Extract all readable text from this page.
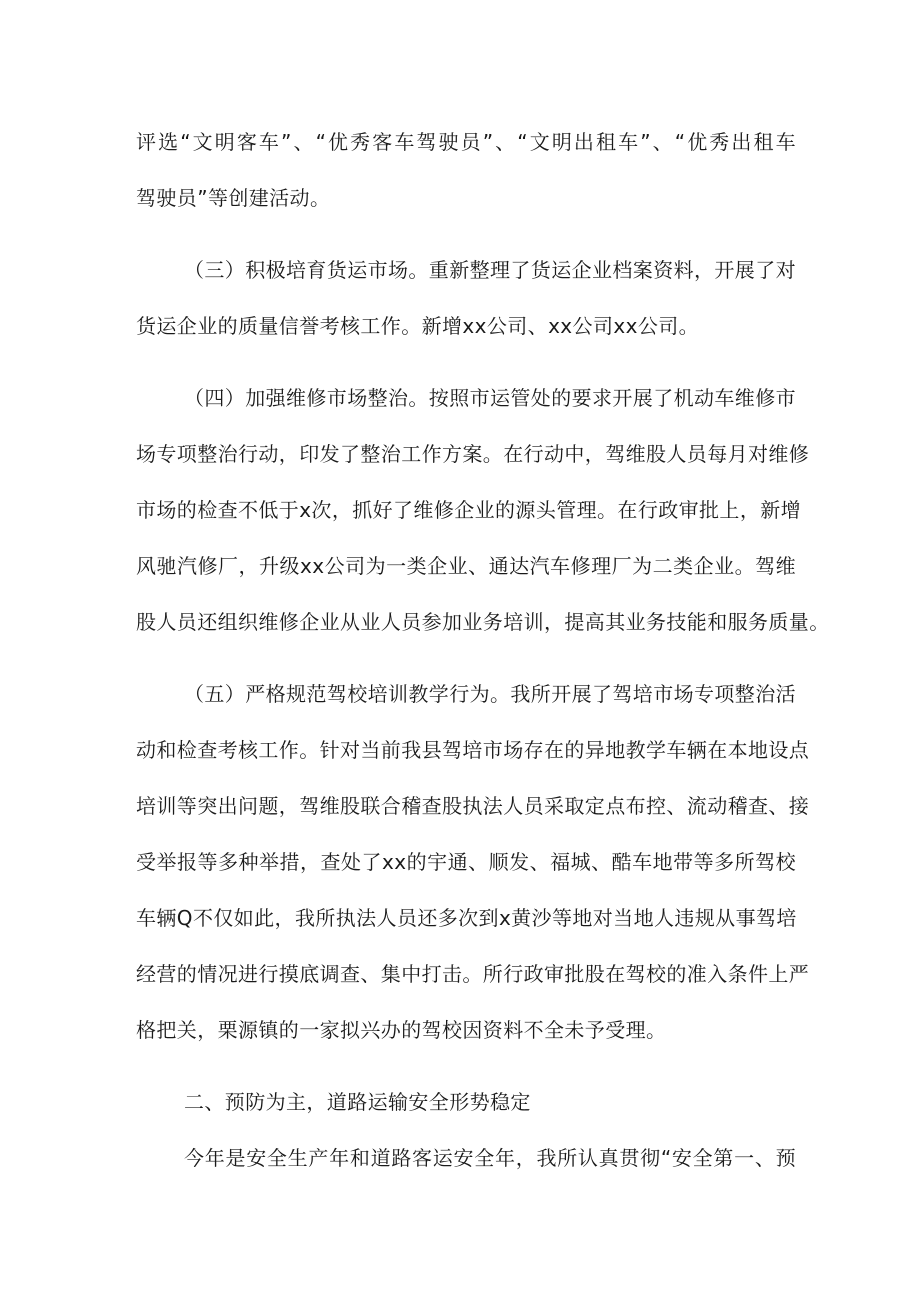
评选“文明客车”、“优秀客车驾驶员”、“文明出租车”、“优秀出租车
驾驶员”等创建活动。
（三）积极培育货运市场。重新整理了货运企业档案资料，开展了对
货运企业的质量信誉考核工作。新增xx公司、xx公司xx公司。
（四）加强维修市场整治。按照市运管处的要求开展了机动车维修市
场专项整治行动，印发了整治工作方案。在行动中，驾维股人员每月对维修
市场的检查不低于x次，抓好了维修企业的源头管理。在行政审批上，新增
风驰汽修厂，升级xx公司为一类企业、通达汽车修理厂为二类企业。驾维
股人员还组织维修企业从业人员参加业务培训，提高其业务技能和服务质量。
（五）严格规范驾校培训教学行为。我所开展了驾培市场专项整治活
动和检查考核工作。针对当前我县驾培市场存在的异地教学车辆在本地设点
培训等突出问题，驾维股联合稽查股执法人员采取定点布控、流动稽查、接
受举报等多种举措，查处了xx的宇通、顺发、福城、酷车地带等多所驾校
车辆Q不仅如此，我所执法人员还多次到x黄沙等地对当地人违规从事驾培
经营的情况进行摸底调查、集中打击。所行政审批股在驾校的准入条件上严
格把关，栗源镇的一家拟兴办的驾校因资料不全未予受理。
二、预防为主，道路运输安全形势稳定
今年是安全生产年和道路客运安全年，我所认真贯彻“安全第一、预
